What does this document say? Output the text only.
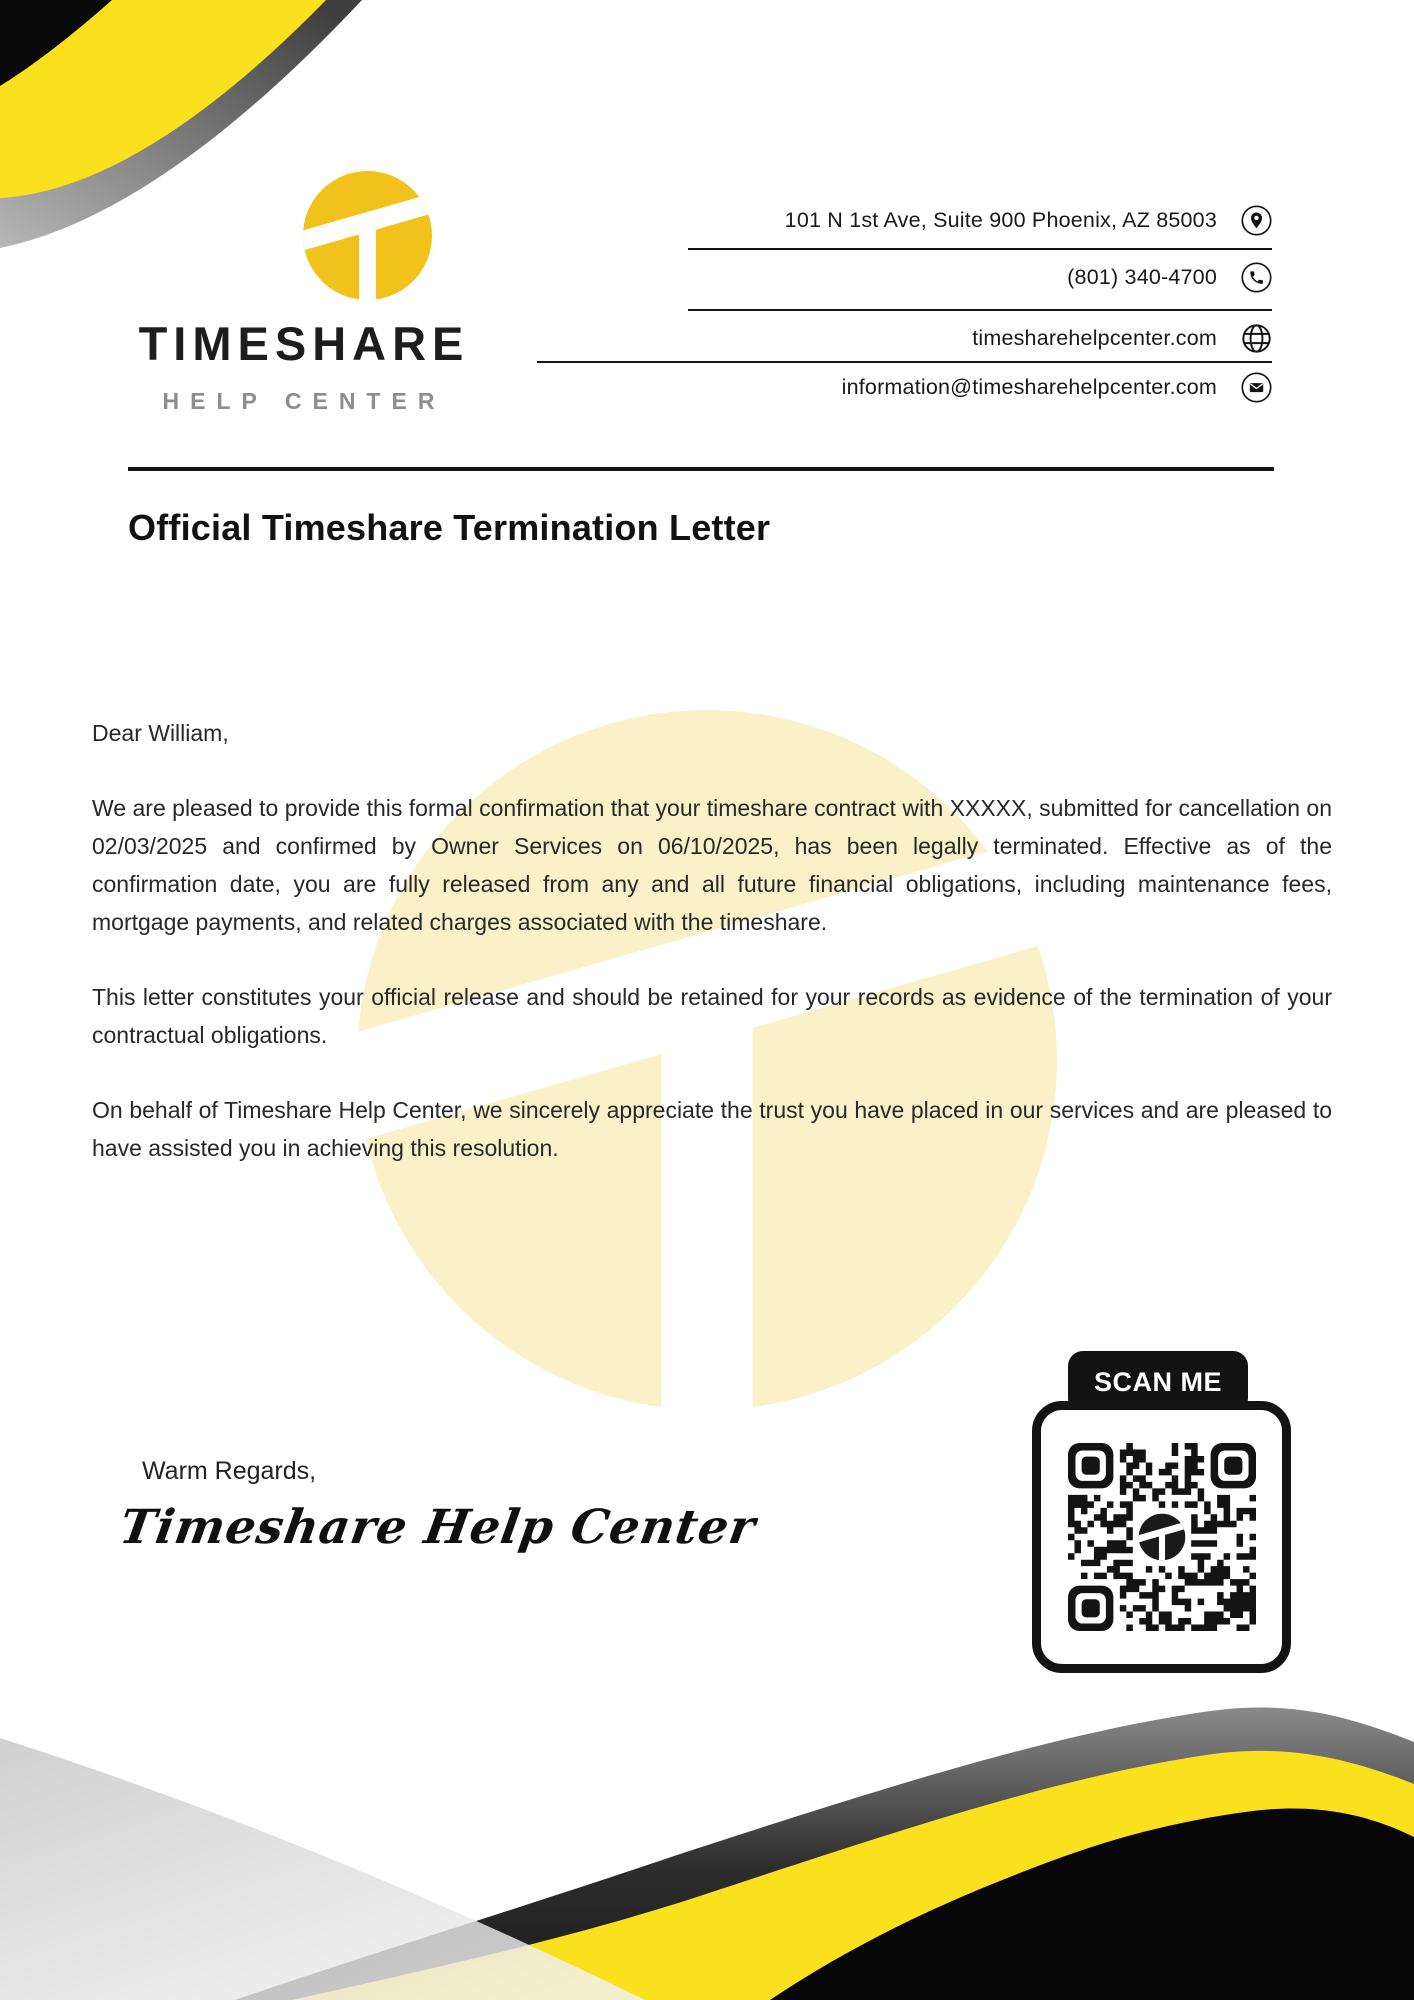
TIMESHARE
HELP CENTER
101 N 1st Ave, Suite 900 Phoenix, AZ 85003
(801) 340-4700
timesharehelpcenter.com
information@timesharehelpcenter.com
Official Timeshare Termination Letter

Dear William,

We are pleased to provide this formal confirmation that your timeshare contract with XXXXX, submitted for cancellation on 02/03/2025 and confirmed by Owner Services on 06/10/2025, has been legally terminated. Effective as of the confirmation date, you are fully released from any and all future financial obligations, including maintenance fees, mortgage payments, and related charges associated with the timeshare.

This letter constitutes your official release and should be retained for your records as evidence of the termination of your contractual obligations.

On behalf of Timeshare Help Center, we sincerely appreciate the trust you have placed in our services and are pleased to have assisted you in achieving this resolution.

Warm Regards,
Timeshare Help Center
SCAN ME
